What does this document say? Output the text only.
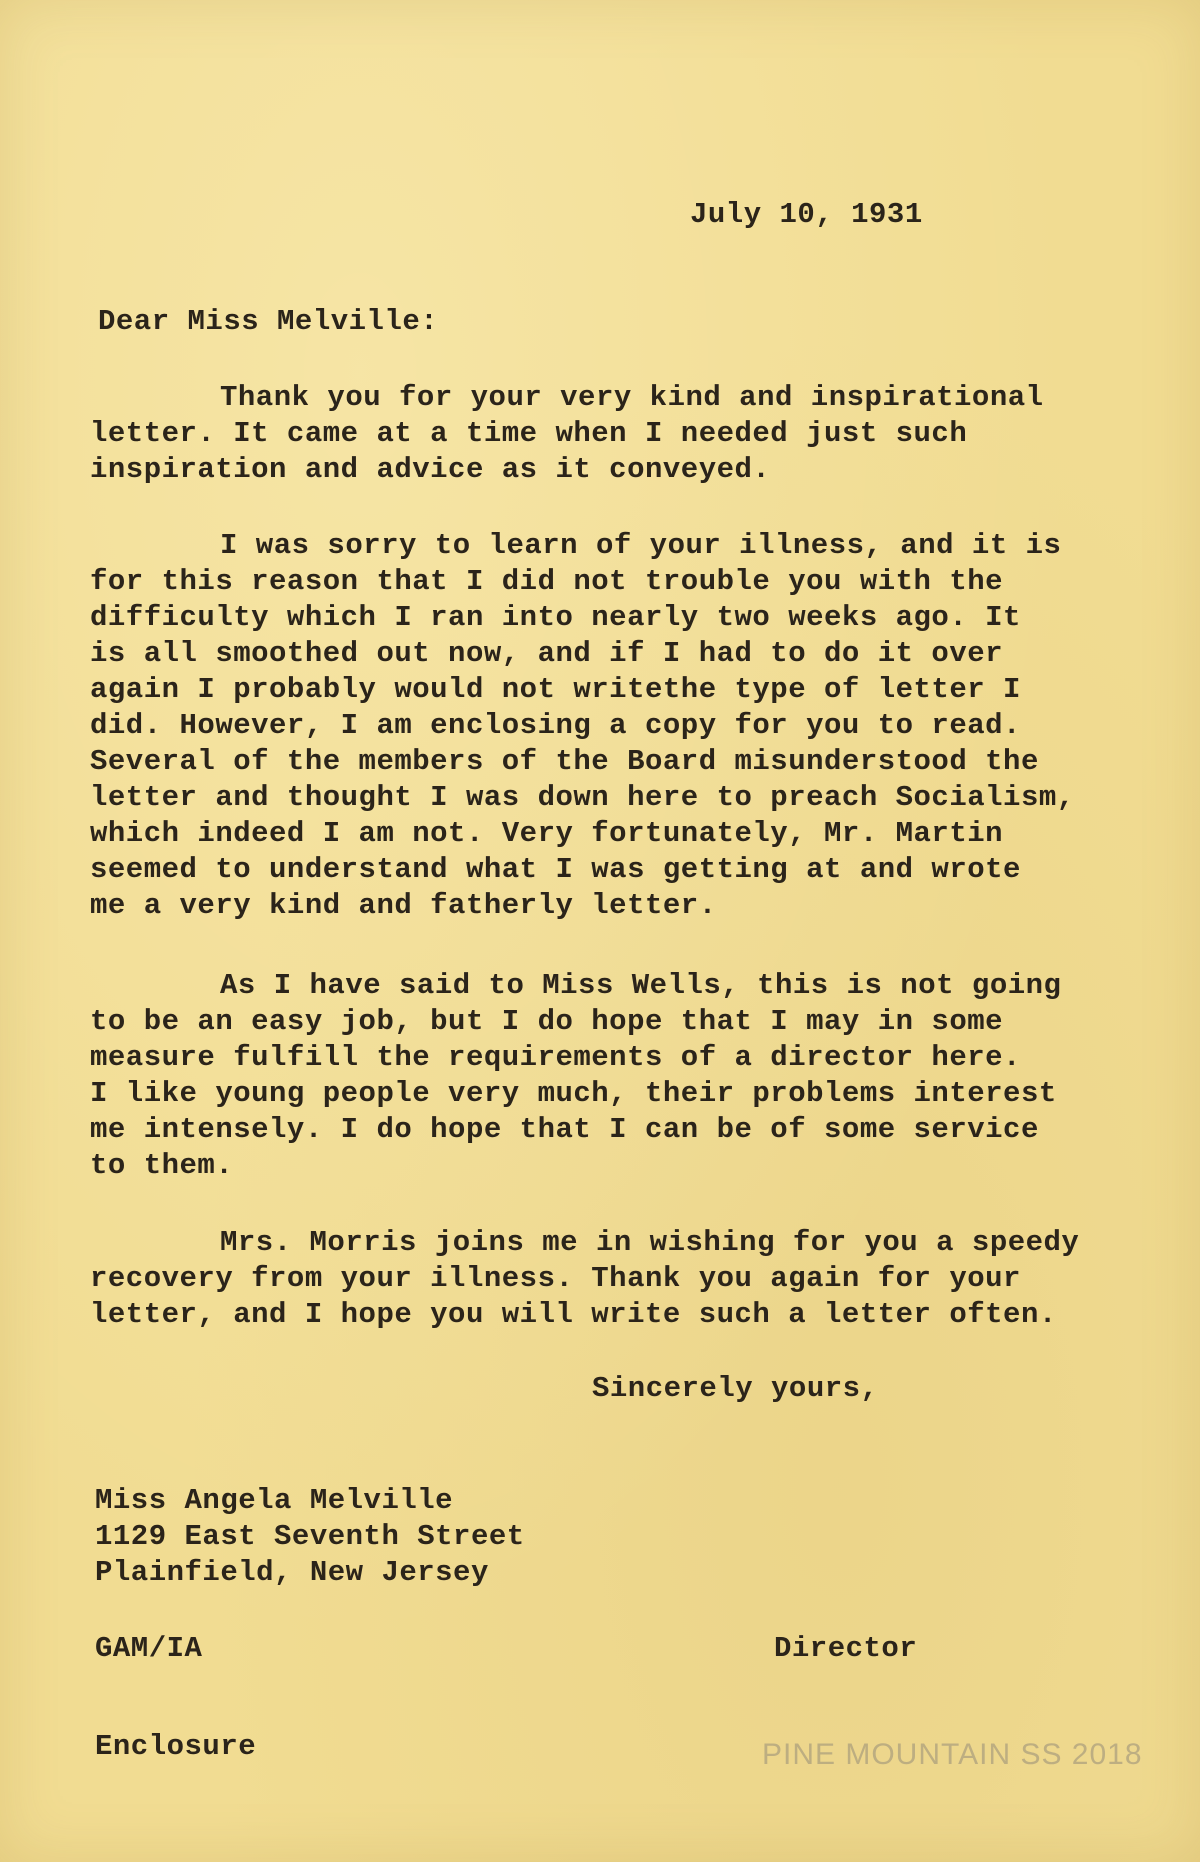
July 10, 1931
Dear Miss Melville:
Thank you for your very kind and inspirational
letter. It came at a time when I needed just such
inspiration and advice as it conveyed.
I was sorry to learn of your illness, and it is
for this reason that I did not trouble you with the
difficulty which I ran into nearly two weeks ago. It
is all smoothed out now, and if I had to do it over
again I probably would not writethe type of letter I
did. However, I am enclosing a copy for you to read.
Several of the members of the Board misunderstood the
letter and thought I was down here to preach Socialism,
which indeed I am not. Very fortunately, Mr. Martin
seemed to understand what I was getting at and wrote
me a very kind and fatherly letter.
As I have said to Miss Wells, this is not going
to be an easy job, but I do hope that I may in some
measure fulfill the requirements of a director here.
I like young people very much, their problems interest
me intensely. I do hope that I can be of some service
to them.
Mrs. Morris joins me in wishing for you a speedy
recovery from your illness. Thank you again for your
letter, and I hope you will write such a letter often.
Sincerely yours,
Miss Angela Melville
1129 East Seventh Street
Plainfield, New Jersey
GAM/IA	Director
Enclosure	PINE MOUNTAIN SS 2018
